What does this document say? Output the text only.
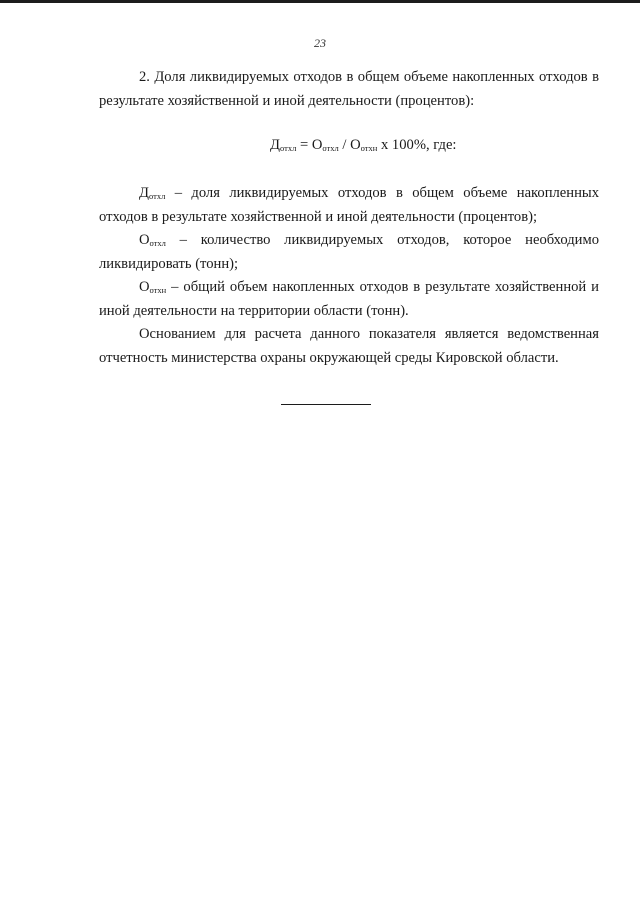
23

2. Доля ликвидируемых отходов в общем объеме накопленных отходов в результате хозяйственной и иной деятельности (процентов):

$Д_{отхл} = О_{отхл} / О_{отхн}$ х 100%, где:

$Д_{отхл}$ – доля ликвидируемых отходов в общем объеме накопленных отходов в результате хозяйственной и иной деятельности (процентов);

$О_{отхл}$ – количество ликвидируемых отходов, которое необходимо ликвидировать (тонн);

$О_{отхн}$ – общий объем накопленных отходов в результате хозяйственной и иной деятельности на территории области (тонн).

Основанием для расчета данного показателя является ведомственная отчетность министерства охраны окружающей среды Кировской области.
